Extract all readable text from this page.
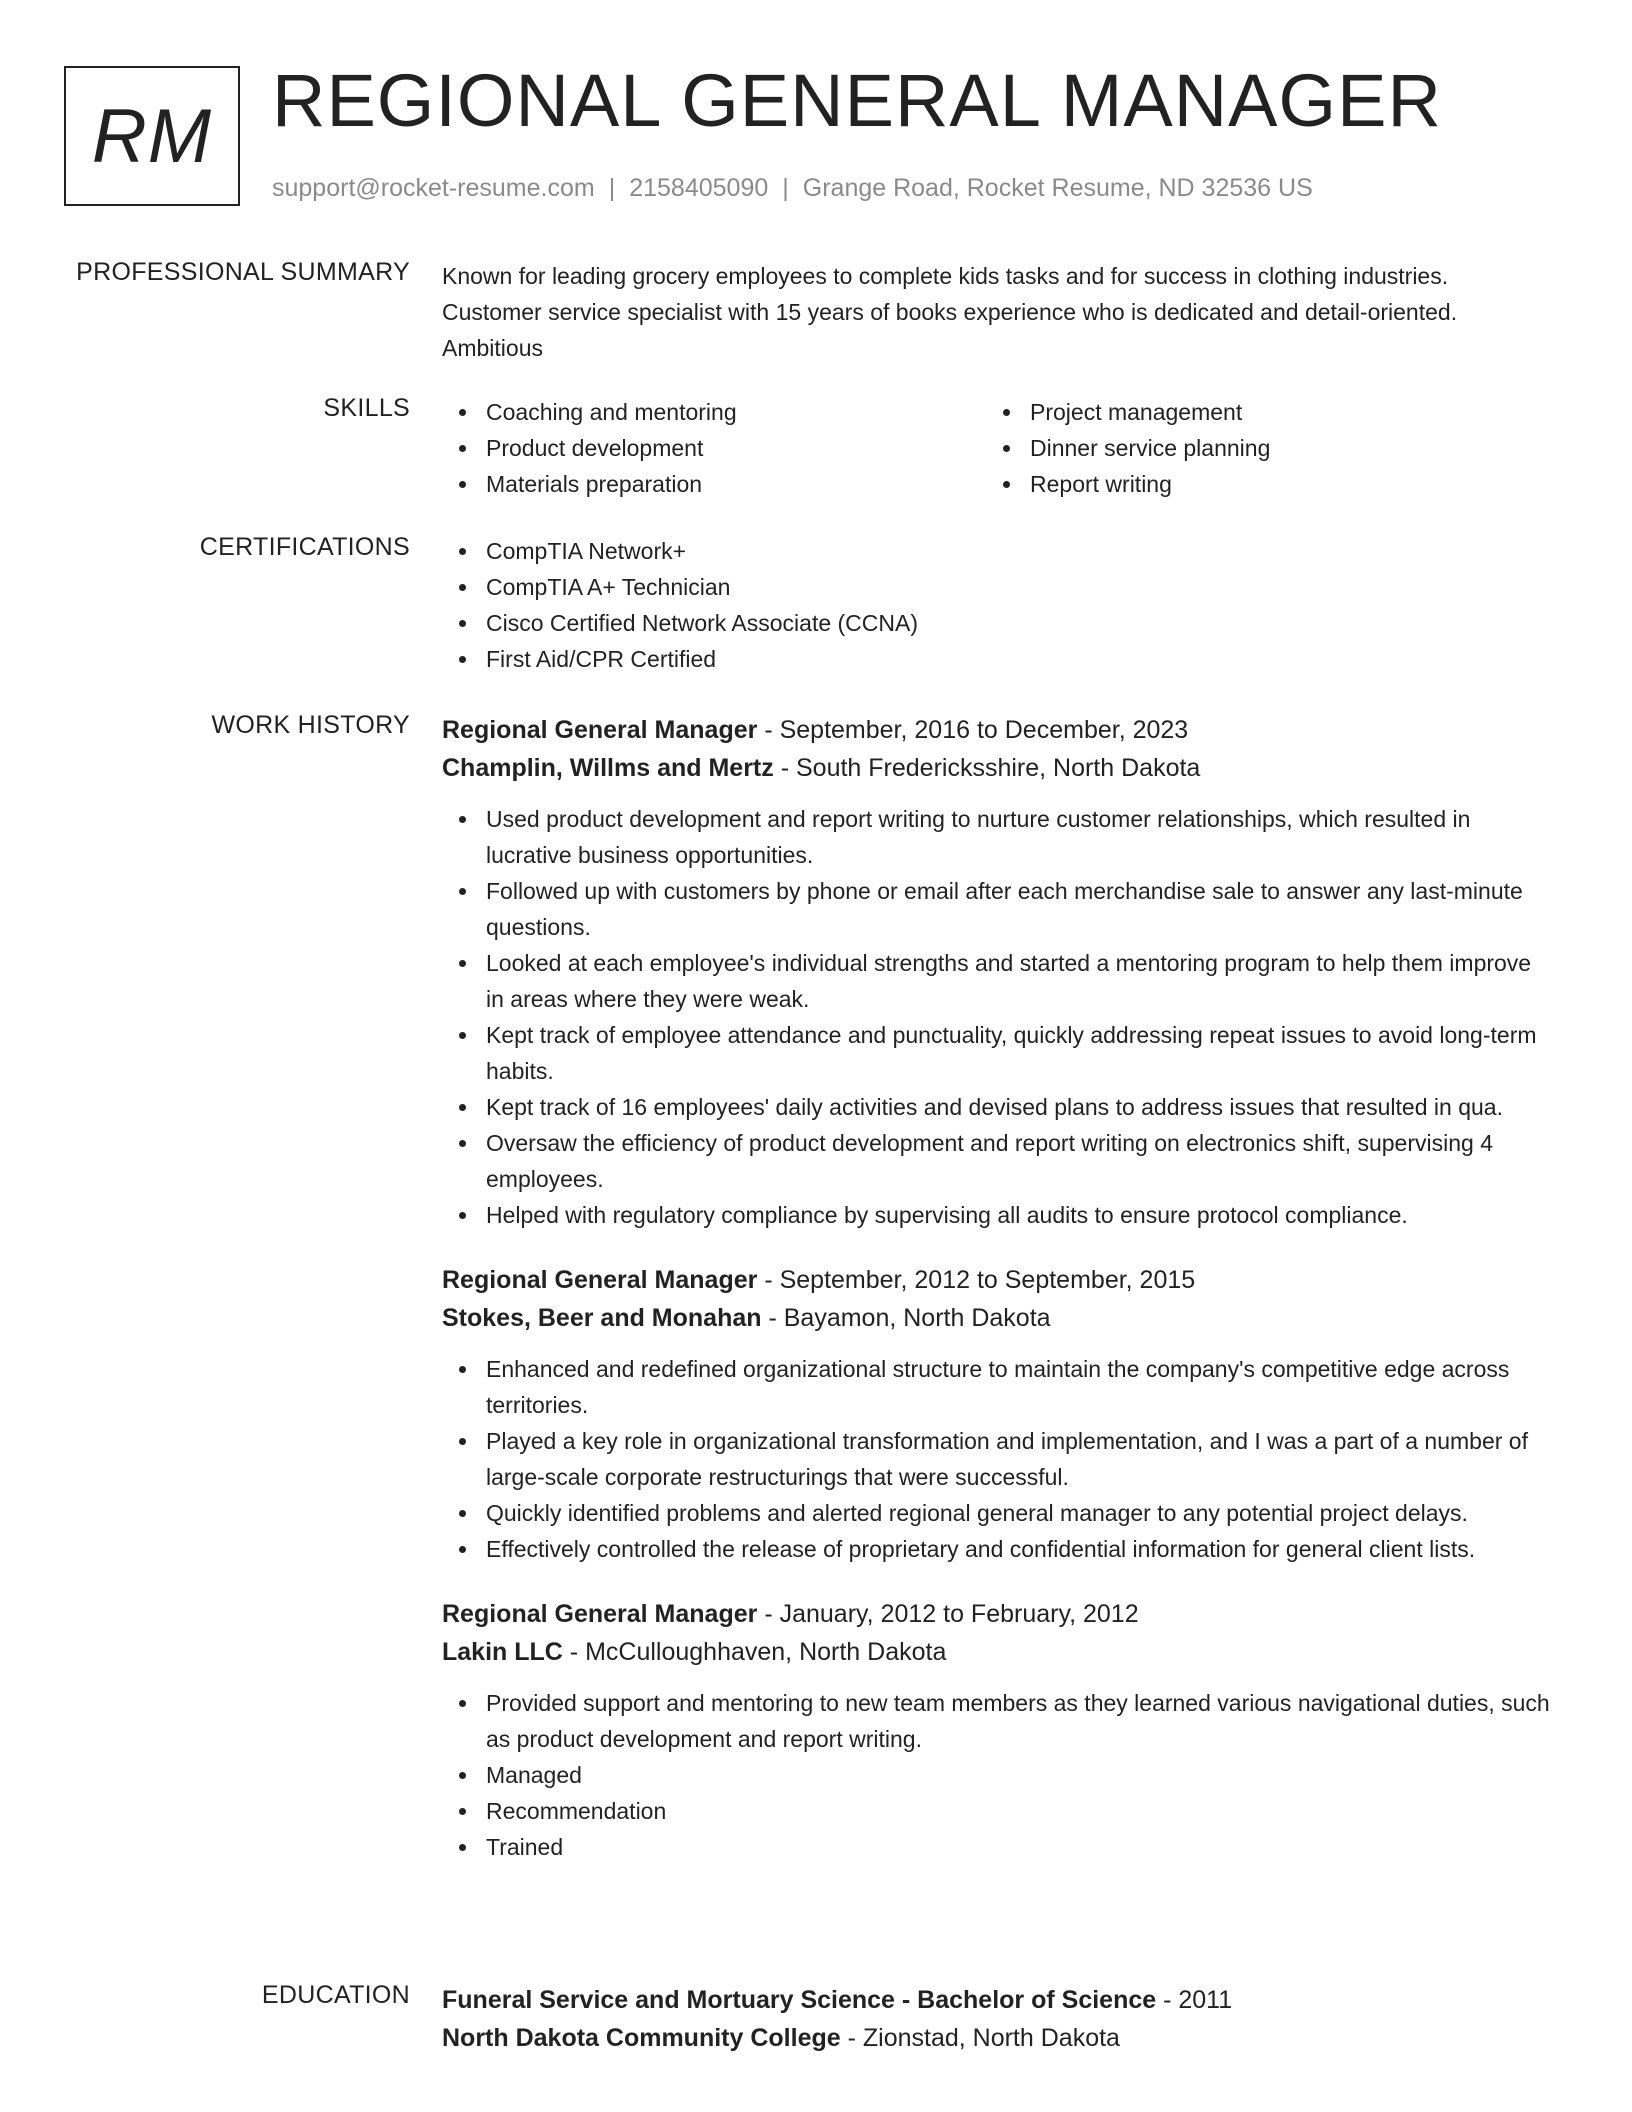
RM REGIONAL GENERAL MANAGER
support@rocket-resume.com | 2158405090 | Grange Road, Rocket Resume, ND 32536 US
PROFESSIONAL SUMMARY Known for leading grocery employees to complete kids tasks and for success in clothing industries. Customer service specialist with 15 years of books experience who is dedicated and detail-oriented. Ambitious

SKILLS	Coaching and mentoring
Product development
Materials preparation
Project management
Dinner service planning
Report writing
CERTIFICATIONS	CompTIA Network+
CompTIA A+ Technician
Cisco Certified Network Associate (CCNA)
First Aid/CPR Certified
WORK HISTORY Regional General Manager - September, 2016 to December, 2023
Champlin, Willms and Mertz - South Fredericksshire, North Dakota
Used product development and report writing to nurture customer relationships, which resulted in lucrative business opportunities.
Followed up with customers by phone or email after each merchandise sale to answer any last-minute questions.
Looked at each employee's individual strengths and started a mentoring program to help them improve in areas where they were weak.
Kept track of employee attendance and punctuality, quickly addressing repeat issues to avoid long-term habits.
Kept track of 16 employees' daily activities and devised plans to address issues that resulted in qua.
Oversaw the efficiency of product development and report writing on electronics shift, supervising 4 employees.
Helped with regulatory compliance by supervising all audits to ensure protocol compliance.
Regional General Manager - September, 2012 to September, 2015
Stokes, Beer and Monahan - Bayamon, North Dakota
Enhanced and redefined organizational structure to maintain the company's competitive edge across territories.
Played a key role in organizational transformation and implementation, and I was a part of a number of large-scale corporate restructurings that were successful.
Quickly identified problems and alerted regional general manager to any potential project delays.
Effectively controlled the release of proprietary and confidential information for general client lists.
Regional General Manager - January, 2012 to February, 2012
Lakin LLC - McCulloughhaven, North Dakota
Provided support and mentoring to new team members as they learned various navigational duties, such as product development and report writing.
Managed
Recommendation
Trained
EDUCATION Funeral Service and Mortuary Science - Bachelor of Science - 2011
North Dakota Community College - Zionstad, North Dakota
